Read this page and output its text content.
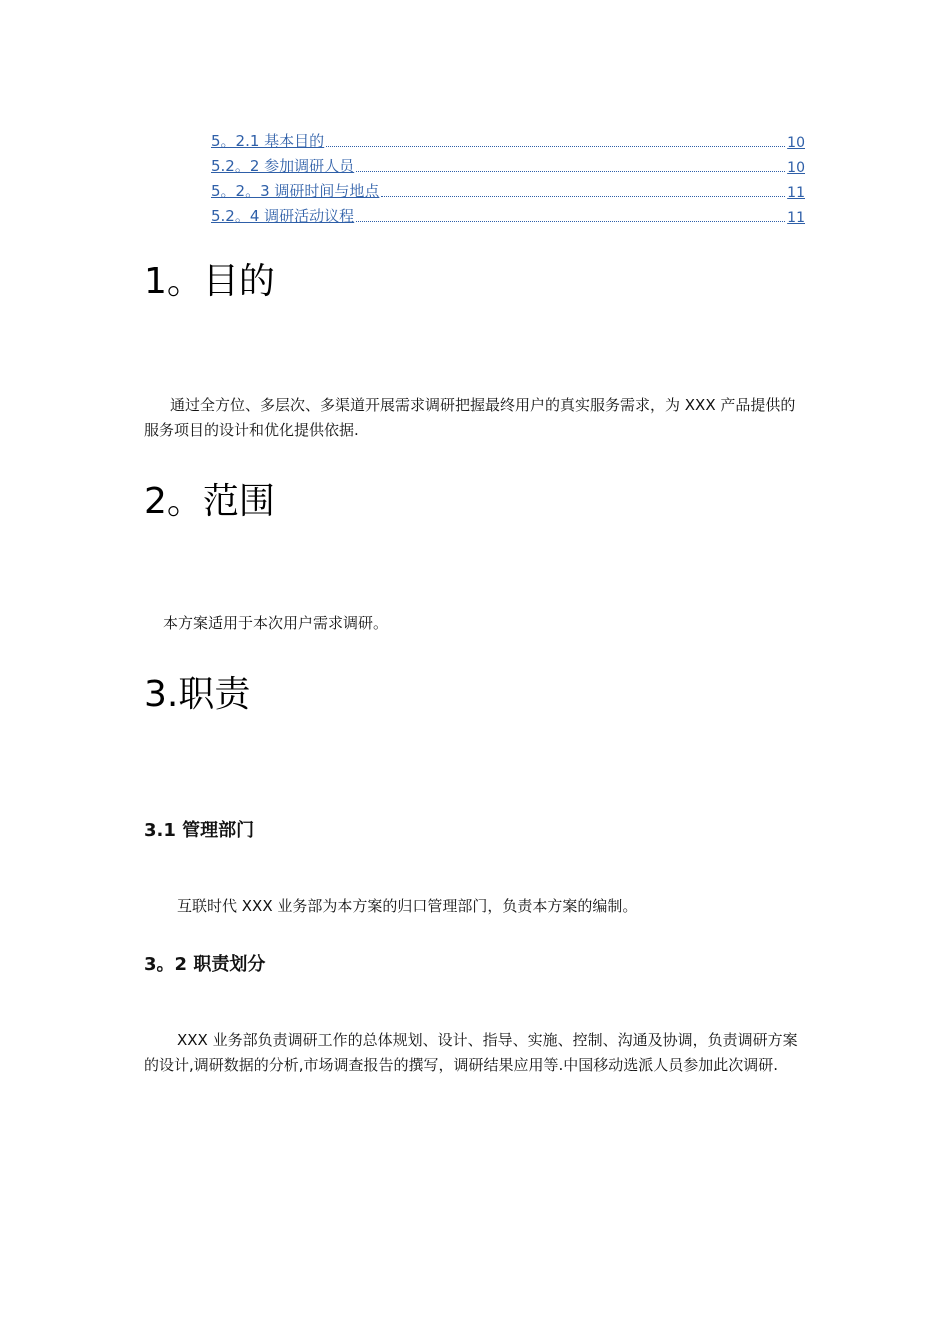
5。2.1 基本目的	10
5.2。2 参加调研人员	10
5。2。3 调研时间与地点	11
5.2。4 调研活动议程	11
1。目的

通过全方位、多层次、多渠道开展需求调研把握最终用户的真实服务需求，为 XXX 产品提供的服务项目的设计和优化提供依据.

2。范围

本方案适用于本次用户需求调研。

3.职责
3.1 管理部门

互联时代 XXX 业务部为本方案的归口管理部门，负责本方案的编制。

3。2 职责划分

XXX 业务部负责调研工作的总体规划、设计、指导、实施、控制、沟通及协调，负责调研方案的设计,调研数据的分析,市场调查报告的撰写，调研结果应用等.中国移动选派人员参加此次调研.
